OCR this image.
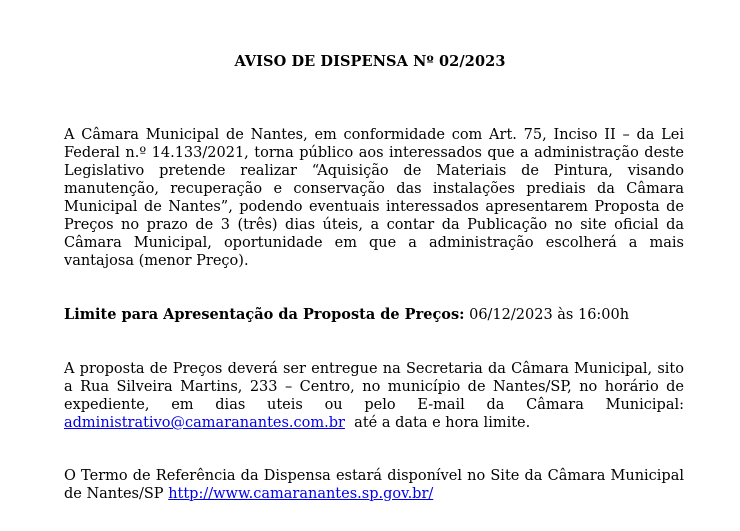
AVISO DE DISPENSA Nº 02/2023
A Câmara Municipal de Nantes, em conformidade com Art. 75, Inciso II – da Lei Federal n.º 14.133/2021, torna público aos interessados que a administração deste Legislativo pretende realizar “Aquisição de Materiais de Pintura, visando manutenção, recuperação e conservação das instalações prediais da Câmara Municipal de Nantes”, podendo eventuais interessados apresentarem Proposta de Preços no prazo de 3 (três) dias úteis, a contar da Publicação no site oficial da Câmara Municipal, oportunidade em que a administração escolherá a mais vantajosa (menor Preço).
Limite para Apresentação da Proposta de Preços: 06/12/2023 às 16:00h
A proposta de Preços deverá ser entregue na Secretaria da Câmara Municipal, sito a Rua Silveira Martins, 233 – Centro, no município de Nantes/SP, no horário de expediente, em dias uteis ou pelo E-mail da Câmara Municipal: administrativo@camaranantes.com.br  até a data e hora limite.
O Termo de Referência da Dispensa estará disponível no Site da Câmara Municipal de Nantes/SP http://www.camaranantes.sp.gov.br/
